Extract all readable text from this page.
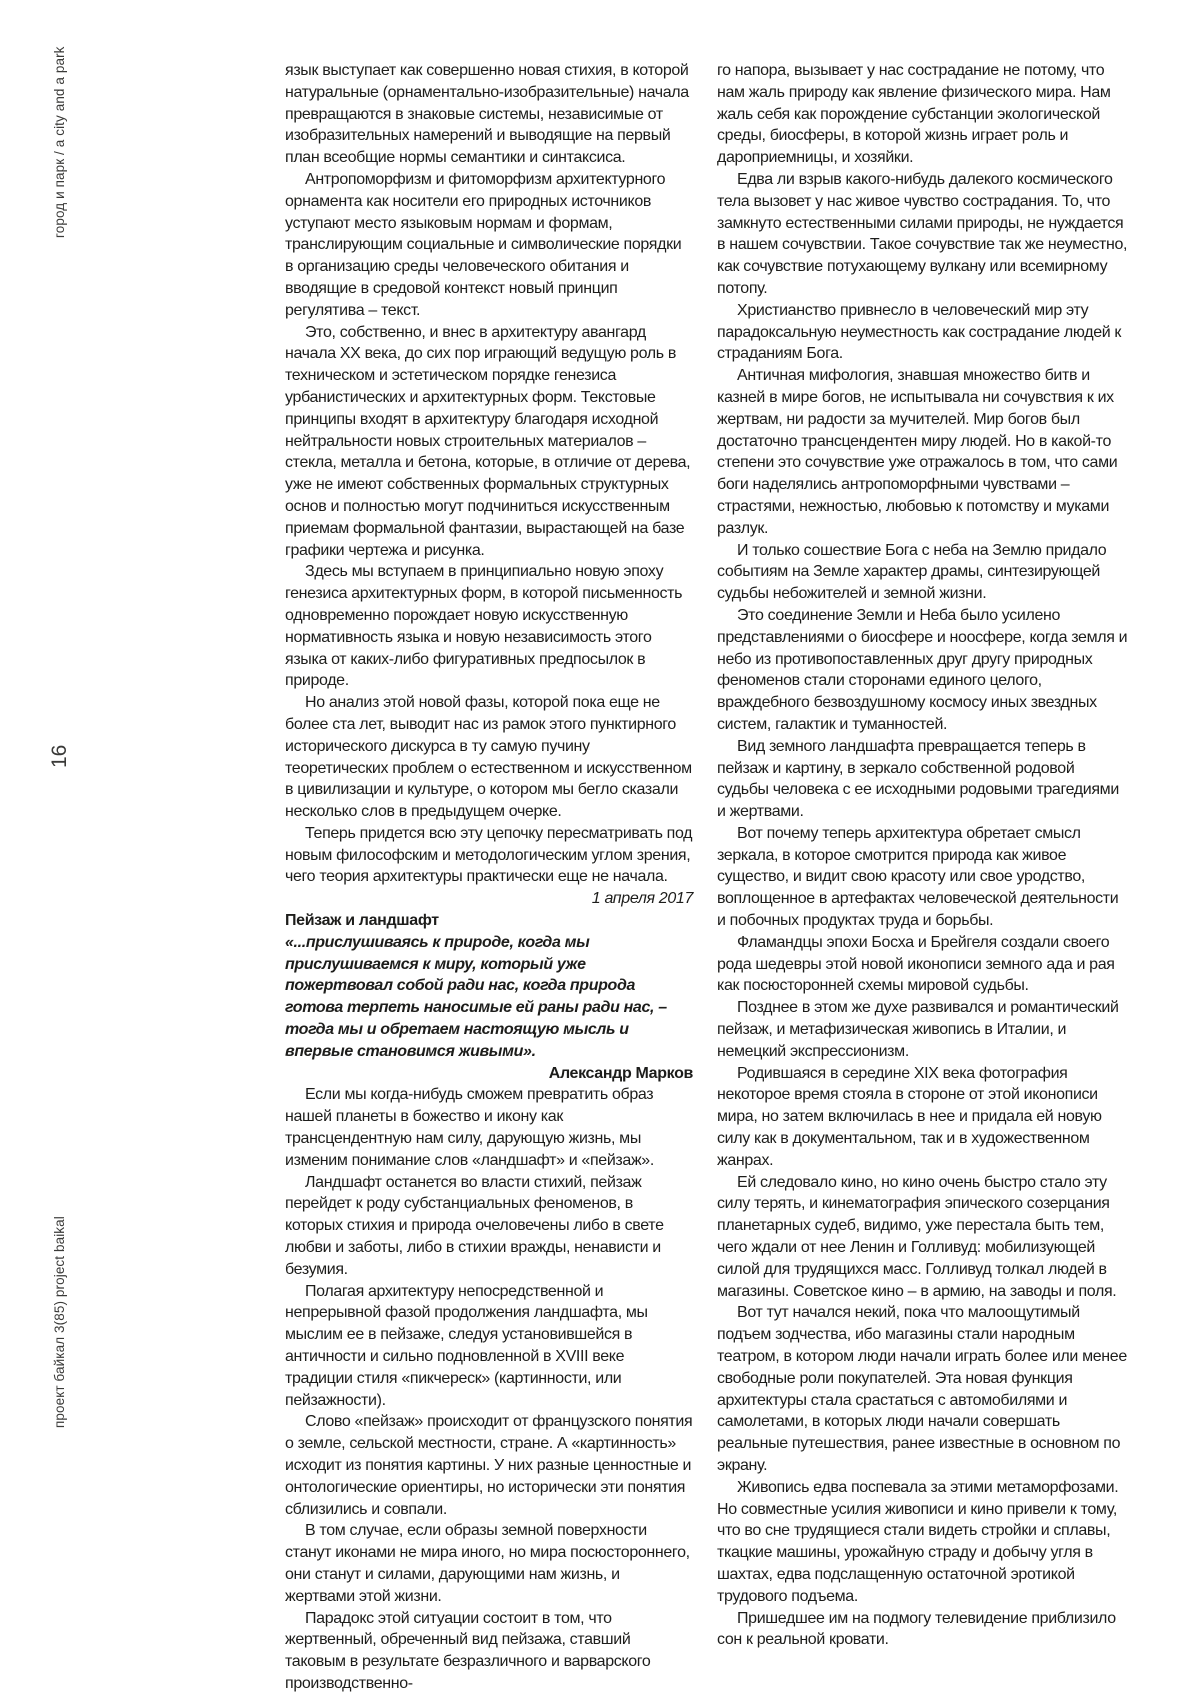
город и парк / a city and a park
16
проект байкал 3(85) project baikal

язык выступает как совершенно новая стихия, в которой натуральные (орнаментально-изобразительные) начала превращаются в знаковые системы, независимые от изобразительных намерений и выводящие на первый план всеобщие нормы семантики и синтаксиса.

Антропоморфизм и фитоморфизм архитектурного орнамента как носители его природных источников уступают место языковым нормам и формам, транслирующим социальные и символические порядки в организацию среды человеческого обитания и вводящие в средовой контекст новый принцип регулятива – текст.

Это, собственно, и внес в архитектуру авангард начала XX века, до сих пор играющий ведущую роль в техническом и эстетическом порядке генезиса урбанистических и архитектурных форм. Текстовые принципы входят в архитектуру благодаря исходной нейтральности новых строительных материалов – стекла, металла и бетона, которые, в отличие от дерева, уже не имеют собственных формальных структурных основ и полностью могут подчиниться искусственным приемам формальной фантазии, вырастающей на базе графики чертежа и рисунка.

Здесь мы вступаем в принципиально новую эпоху генезиса архитектурных форм, в которой письменность одновременно порождает новую искусственную нормативность языка и новую независимость этого языка от каких-либо фигуративных предпосылок в природе.

Но анализ этой новой фазы, которой пока еще не более ста лет, выводит нас из рамок этого пунктирного исторического дискурса в ту самую пучину теоретических проблем о естественном и искусственном в цивилизации и культуре, о котором мы бегло сказали несколько слов в предыдущем очерке.

Теперь придется всю эту цепочку пересматривать под новым философским и методологическим углом зрения, чего теория архитектуры практически еще не начала.

1 апреля 2017

Пейзаж и ландшафт

«...прислушиваясь к природе, когда мы прислушиваемся к миру, который уже пожертвовал собой ради нас, когда природа готова терпеть наносимые ей раны ради нас, – тогда мы и обретаем настоящую мысль и впервые становимся живыми».

Александр Марков

Если мы когда-нибудь сможем превратить образ нашей планеты в божество и икону как трансцендентную нам силу, дарующую жизнь, мы изменим понимание слов «ландшафт» и «пейзаж».

Ландшафт останется во власти стихий, пейзаж перейдет к роду субстанциальных феноменов, в которых стихия и природа очеловечены либо в свете любви и заботы, либо в стихии вражды, ненависти и безумия.

Полагая архитектуру непосредственной и непрерывной фазой продолжения ландшафта, мы мыслим ее в пейзаже, следуя установившейся в античности и сильно подновленной в XVIII веке традиции стиля «пикчереск» (картинности, или пейзажности).

Слово «пейзаж» происходит от французского понятия о земле, сельской местности, стране. А «картинность» исходит из понятия картины. У них разные ценностные и онтологические ориентиры, но исторически эти понятия сблизились и совпали.

В том случае, если образы земной поверхности станут иконами не мира иного, но мира посюстороннего, они станут и силами, дарующими нам жизнь, и жертвами этой жизни.

Парадокс этой ситуации состоит в том, что жертвенный, обреченный вид пейзажа, ставший таковым в результате безразличного и варварского производственно-

го напора, вызывает у нас сострадание не потому, что нам жаль природу как явление физического мира. Нам жаль себя как порождение субстанции экологической среды, биосферы, в которой жизнь играет роль и дароприемницы, и хозяйки.

Едва ли взрыв какого-нибудь далекого космического тела вызовет у нас живое чувство сострадания. То, что замкнуто естественными силами природы, не нуждается в нашем сочувствии. Такое сочувствие так же неуместно, как сочувствие потухающему вулкану или всемирному потопу.

Христианство привнесло в человеческий мир эту парадоксальную неуместность как сострадание людей к страданиям Бога.

Античная мифология, знавшая множество битв и казней в мире богов, не испытывала ни сочувствия к их жертвам, ни радости за мучителей. Мир богов был достаточно трансцендентен миру людей. Но в какой-то степени это сочувствие уже отражалось в том, что сами боги наделялись антропоморфными чувствами – страстями, нежностью, любовью к потомству и муками разлук.

И только сошествие Бога с неба на Землю придало событиям на Земле характер драмы, синтезирующей судьбы небожителей и земной жизни.

Это соединение Земли и Неба было усилено представлениями о биосфере и ноосфере, когда земля и небо из противопоставленных друг другу природных феноменов стали сторонами единого целого, враждебного безвоздушному космосу иных звездных систем, галактик и туманностей.

Вид земного ландшафта превращается теперь в пейзаж и картину, в зеркало собственной родовой судьбы человека с ее исходными родовыми трагедиями и жертвами.

Вот почему теперь архитектура обретает смысл зеркала, в которое смотрится природа как живое существо, и видит свою красоту или свое уродство, воплощенное в артефактах человеческой деятельности и побочных продуктах труда и борьбы.

Фламандцы эпохи Босха и Брейгеля создали своего рода шедевры этой новой иконописи земного ада и рая как посюсторонней схемы мировой судьбы.

Позднее в этом же духе развивался и романтический пейзаж, и метафизическая живопись в Италии, и немецкий экспрессионизм.

Родившаяся в середине XIX века фотография некоторое время стояла в стороне от этой иконописи мира, но затем включилась в нее и придала ей новую силу как в документальном, так и в художественном жанрах.

Ей следовало кино, но кино очень быстро стало эту силу терять, и кинематография эпического созерцания планетарных судеб, видимо, уже перестала быть тем, чего ждали от нее Ленин и Голливуд: мобилизующей силой для трудящихся масс. Голливуд толкал людей в магазины. Советское кино – в армию, на заводы и поля.

Вот тут начался некий, пока что малоощутимый подъем зодчества, ибо магазины стали народным театром, в котором люди начали играть более или менее свободные роли покупателей. Эта новая функция архитектуры стала срастаться с автомобилями и самолетами, в которых люди начали совершать реальные путешествия, ранее известные в основном по экрану.

Живопись едва поспевала за этими метаморфозами. Но совместные усилия живописи и кино привели к тому, что во сне трудящиеся стали видеть стройки и сплавы, ткацкие машины, урожайную страду и добычу угля в шахтах, едва подслащенную остаточной эротикой трудового подъема.

Пришедшее им на подмогу телевидение приблизило сон к реальной кровати.
